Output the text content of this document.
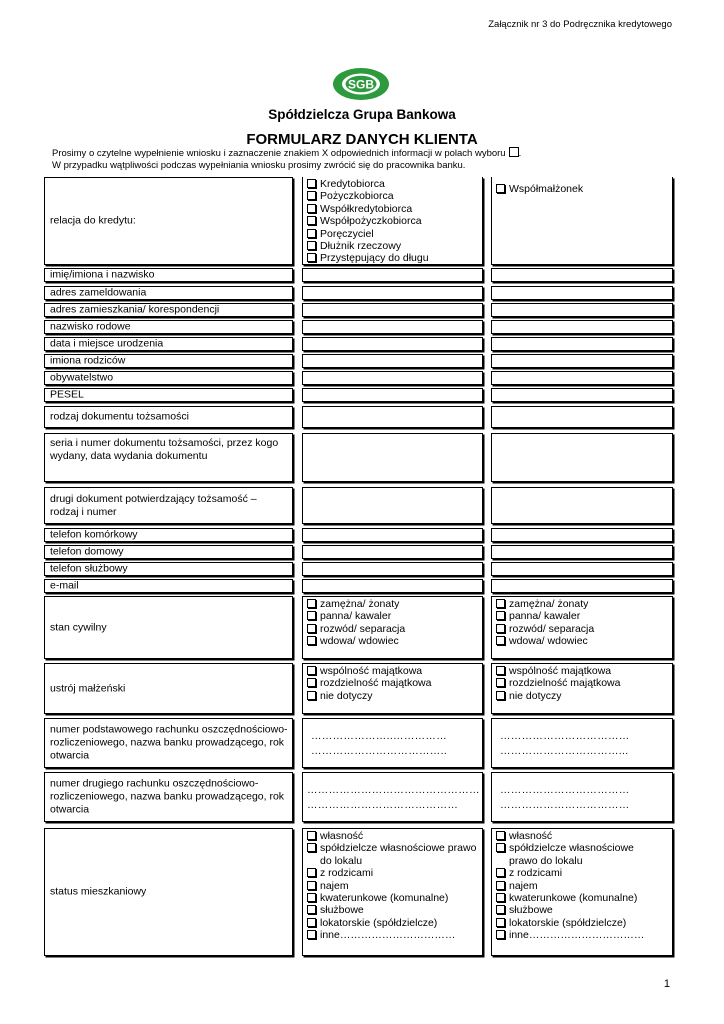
Załącznik nr 3 do Podręcznika kredytowego
SGB
Spółdzielcza Grupa Bankowa
FORMULARZ DANYCH KLIENTA
Prosimy o czytelne wypełnienie wniosku i zaznaczenie znakiem X odpowiednich informacji w polach wyboru .
W przypadku wątpliwości podczas wypełniania wniosku prosimy zwrócić się do pracownika banku.
relacja do kredytu:
Kredytobiorca
Pożyczkobiorca
Współkredytobiorca
Współpożyczkobiorca
Poręczyciel
Dłużnik rzeczowy
Przystępujący do długu
Współmałżonek
imię/imiona i nazwisko
adres zameldowania
adres zamieszkania/ korespondencji
nazwisko rodowe
data i miejsce urodzenia
imiona rodziców
obywatelstwo
PESEL
rodzaj dokumentu tożsamości
seria i numer dokumentu tożsamości, przez kogo wydany, data wydania dokumentu
drugi dokument potwierdzający tożsamość – rodzaj i numer
telefon komórkowy
telefon domowy
telefon służbowy
e-mail
stan cywilny
zamężna/ żonaty
panna/ kawaler
rozwód/ separacja
wdowa/ wdowiec
zamężna/ żonaty
panna/ kawaler
rozwód/ separacja
wdowa/ wdowiec
ustrój małżeński
wspólność majątkowa
rozdzielność majątkowa
nie dotyczy
wspólność majątkowa
rozdzielność majątkowa
nie dotyczy
numer podstawowego rachunku oszczędnościowo-rozliczeniowego, nazwa banku prowadzącego, rok otwarcia
…………………..……………
………………………………..
………………………………
……………………………...
numer drugiego rachunku oszczędnościowo-rozliczeniowego, nazwa banku prowadzącego, rok otwarcia
…………………………………………
……………………………………
………………………………
………………………………
status mieszkaniowy
własność
spółdzielcze własnościowe prawo
do lokalu
z rodzicami
najem
kwaterunkowe (komunalne)
służbowe
lokatorskie (spółdzielcze)
inne……………………………
własność
spółdzielcze własnościowe
prawo do lokalu
z rodzicami
najem
kwaterunkowe (komunalne)
służbowe
lokatorskie (spółdzielcze)
inne……………………………
1
